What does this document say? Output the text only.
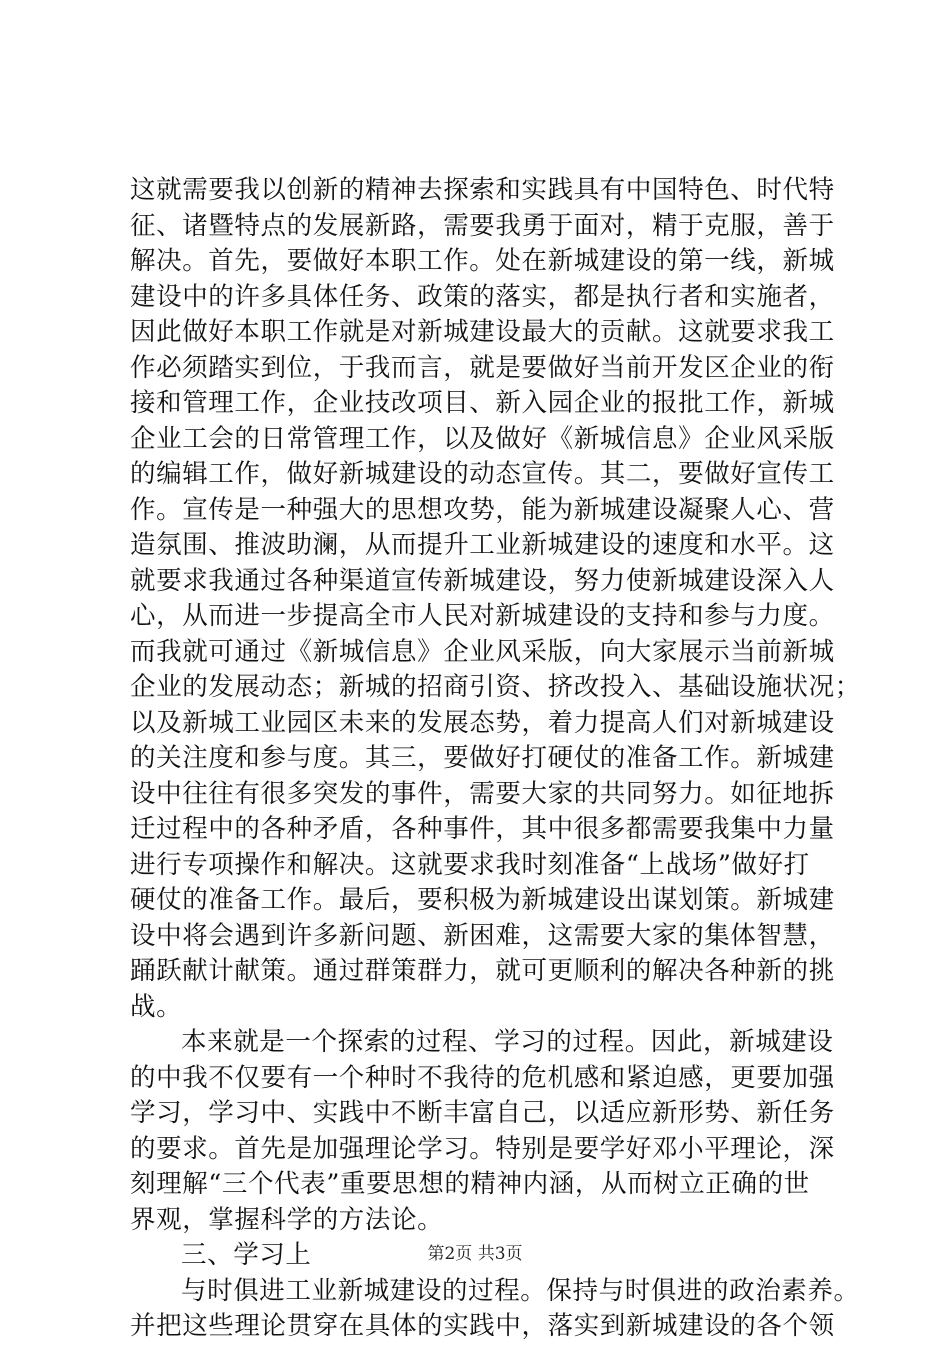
这就需要我以创新的精神去探索和实践具有中国特色、时代特
征、诸暨特点的发展新路，需要我勇于面对，精于克服，善于
解决。首先，要做好本职工作。处在新城建设的第一线，新城
建设中的许多具体任务、政策的落实，都是执行者和实施者，
因此做好本职工作就是对新城建设最大的贡献。这就要求我工
作必须踏实到位，于我而言，就是要做好当前开发区企业的衔
接和管理工作，企业技改项目、新入园企业的报批工作，新城
企业工会的日常管理工作，以及做好《新城信息》企业风采版
的编辑工作，做好新城建设的动态宣传。其二，要做好宣传工
作。宣传是一种强大的思想攻势，能为新城建设凝聚人心、营
造氛围、推波助澜，从而提升工业新城建设的速度和水平。这
就要求我通过各种渠道宣传新城建设，努力使新城建设深入人
心，从而进一步提高全市人民对新城建设的支持和参与力度。
而我就可通过《新城信息》企业风采版，向大家展示当前新城
企业的发展动态；新城的招商引资、挤改投入、基础设施状况；
以及新城工业园区未来的发展态势，着力提高人们对新城建设
的关注度和参与度。其三，要做好打硬仗的准备工作。新城建
设中往往有很多突发的事件，需要大家的共同努力。如征地拆
迁过程中的各种矛盾，各种事件，其中很多都需要我集中力量
进行专项操作和解决。这就要求我时刻准备“上战场”做好打
硬仗的准备工作。最后，要积极为新城建设出谋划策。新城建
设中将会遇到许多新问题、新困难，这需要大家的集体智慧，
踊跃献计献策。通过群策群力，就可更顺利的解决各种新的挑
战。
本来就是一个探索的过程、学习的过程。因此，新城建设
的中我不仅要有一个种时不我待的危机感和紧迫感，更要加强
学习，学习中、实践中不断丰富自己，以适应新形势、新任务
的要求。首先是加强理论学习。特别是要学好邓小平理论，深
刻理解“三个代表”重要思想的精神内涵，从而树立正确的世
界观，掌握科学的方法论。
三、学习上
与时俱进工业新城建设的过程。保持与时俱进的政治素养。
并把这些理论贯穿在具体的实践中，落实到新城建设的各个领
第2页 共3页
